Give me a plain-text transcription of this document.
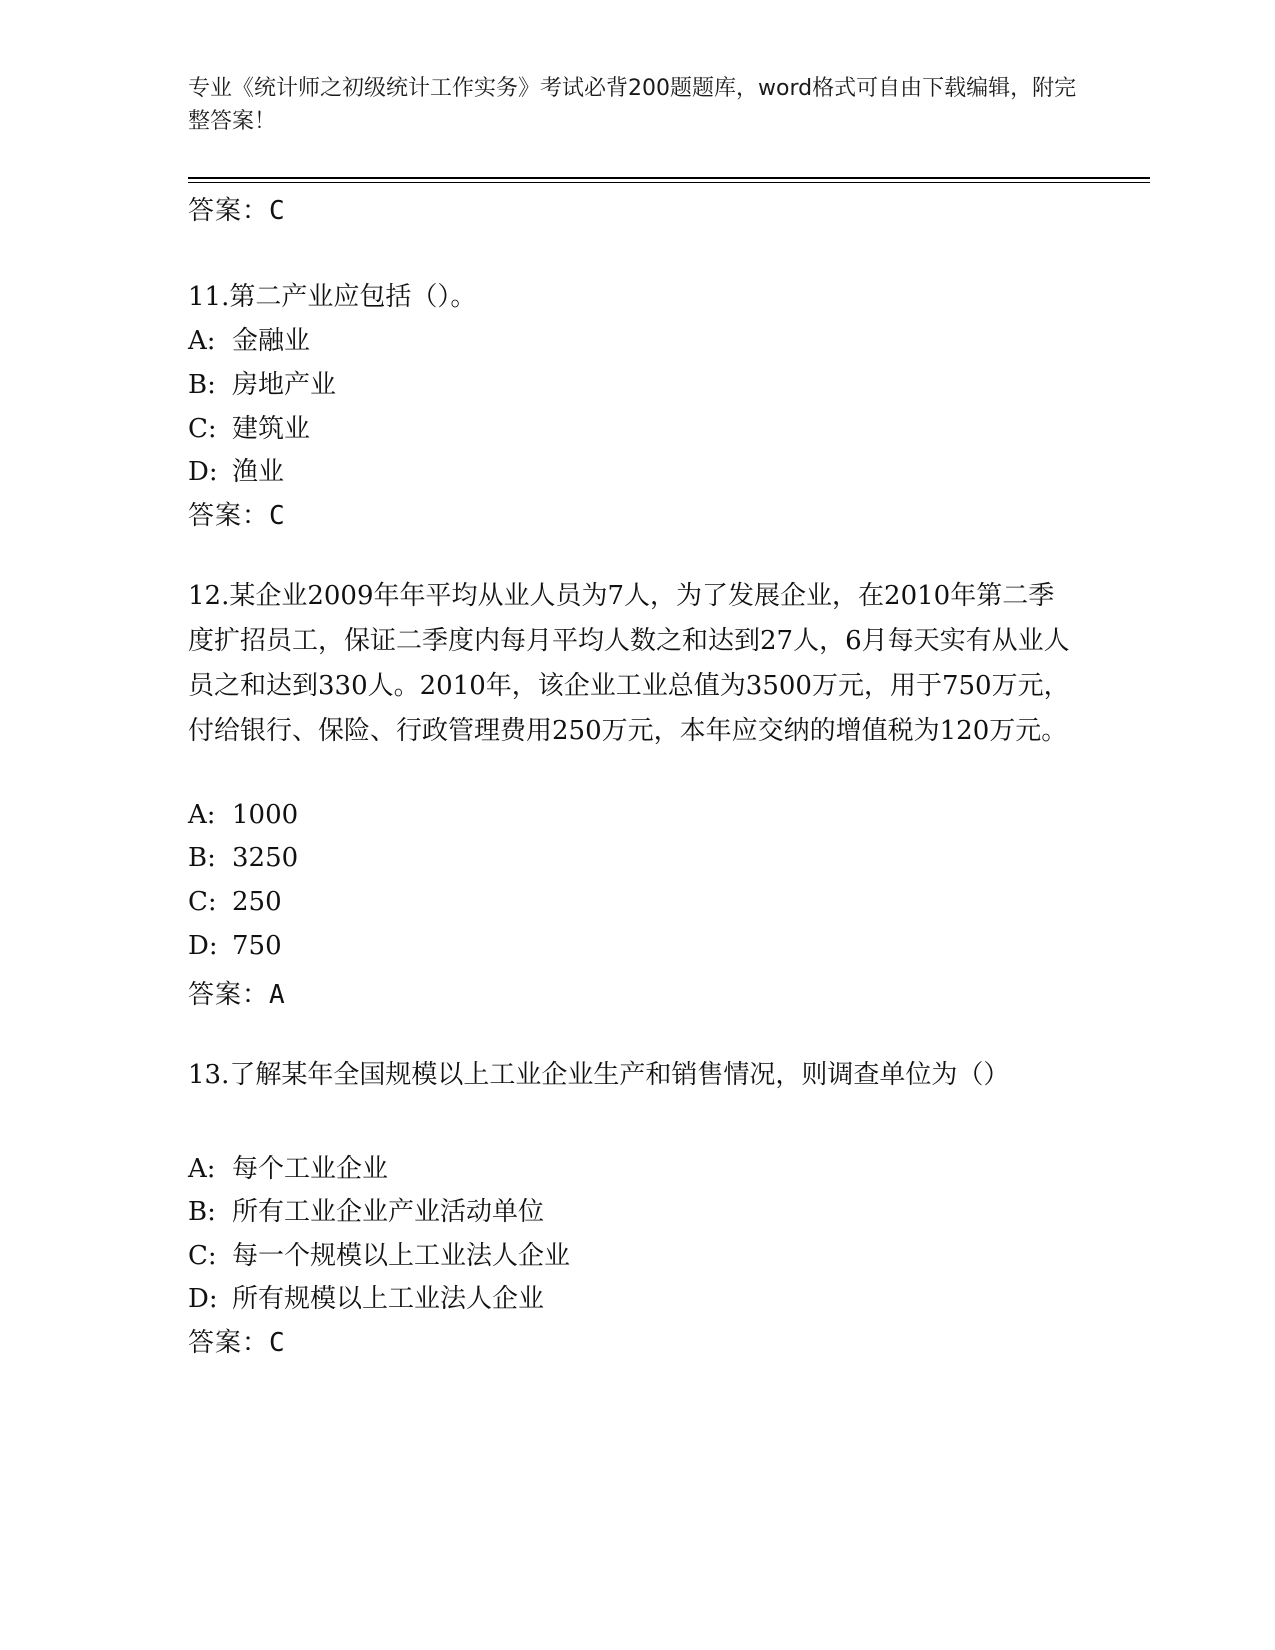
专业《统计师之初级统计工作实务》考试必背200题题库，word格式可自由下载编辑，附完整答案！
答案：C
11.第二产业应包括（）。
A: 金融业
B: 房地产业
C: 建筑业
D: 渔业
答案：C
12.某企业2009年年平均从业人员为7人，为了发展企业，在2010年第二季度扩招员工，保证二季度内每月平均人数之和达到27人，6月每天实有从业人员之和达到330人。2010年，该企业工业总值为3500万元，用于750万元，付给银行、保险、行政管理费用250万元，本年应交纳的增值税为120万元。
A: 1000
B: 3250
C: 250
D: 750
答案：A
13.了解某年全国规模以上工业企业生产和销售情况，则调查单位为（）
A: 每个工业企业
B: 所有工业企业产业活动单位
C: 每一个规模以上工业法人企业
D: 所有规模以上工业法人企业
答案：C
